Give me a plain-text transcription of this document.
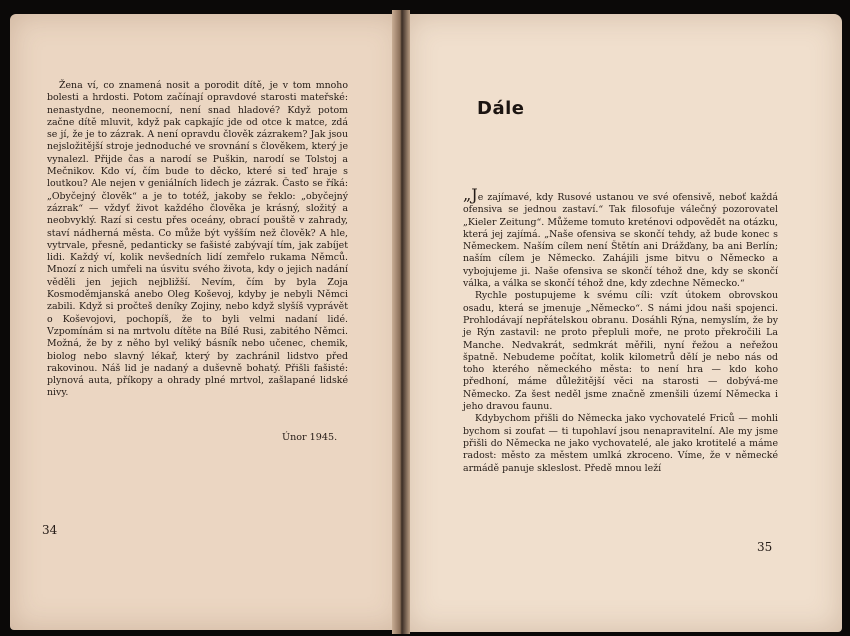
Žena ví, co znamená nosit a porodit dítě, je v tom mnoho bolesti a hrdosti. Potom začínají opravdové starosti mateřské: nenastydne, neonemocní, není snad hladové? Když potom začne dítě mluvit, když pak capkajíc jde od otce k matce, zdá se jí, že je to zázrak. A není opravdu člověk zázrakem? Jak jsou nejsložitější stroje jednoduché ve srovnání s člověkem, který je vynalezl. Přijde čas a narodí se Puškin, narodí se Tolstoj a Mečnikov. Kdo ví, čím bude to děcko, které si teď hraje s loutkou? Ale nejen v geniálních lidech je zázrak. Často se říká: „Obyčejný člověk“ a je to totéž, jakoby se řeklo: „obyčejný zázrak“ — vždyť život každého člověka je krásný, složitý a neobvyklý. Razí si cestu přes oceány, obrací pouště v zahrady, staví nádherná města. Co může být vyšším než člověk? A hle, vytrvale, přesně, pedanticky se fašisté zabývají tím, jak zabíjet lidi. Každý ví, kolik nevšedních lidí zemřelo rukama Němců. Mnozí z nich umřeli na úsvitu svého života, kdy o jejich nadání věděli jen jejich nejbližší. Nevím, čím by byla Zoja Kosmoděmjanská anebo Oleg Koševoj, kdyby je nebyli Němci zabili. Když si pročteš deníky Zojiny, nebo když slyšíš vyprávět o Koševojovi, pochopíš, že to byli velmi nadaní lidé. Vzpomínám si na mrtvolu dítěte na Bílé Rusi, zabitého Němci. Možná, že by z něho byl veliký básník nebo učenec, chemik, biolog nebo slavný lékař, který by zachránil lidstvo před rakovinou. Náš lid je nadaný a duševně bohatý. Přišli fašisté: plynová auta, příkopy a ohrady plné mrtvol, zašlapané lidské nivy.

Únor 1945.
34
Dále

„Je zajímavé, kdy Rusové ustanou ve své ofensivě, neboť každá ofensiva se jednou zastaví.“ Tak filosofuje válečný pozorovatel „Kieler Zeitung“. Můžeme tomuto kreténovi odpovědět na otázku, která jej zajímá. „Naše ofensiva se skončí tehdy, až bude konec s Německem. Naším cílem není Štětín ani Drážďany, ba ani Berlín; naším cílem je Německo. Zahájili jsme bitvu o Německo a vybojujeme ji. Naše ofensiva se skončí téhož dne, kdy se skončí válka, a válka se skončí téhož dne, kdy zdechne Německo.“

Rychle postupujeme k svému cíli: vzít útokem obrovskou osadu, která se jmenuje „Německo“. S námi jdou naši spojenci. Prohlodávají nepřátelskou obranu. Dosáhli Rýna, nemyslím, že by je Rýn zastavil: ne proto přepluli moře, ne proto překročili La Manche. Nedvakrát, sedmkrát měřili, nyní řežou a neřežou špatně. Nebudeme počítat, kolik kilometrů dělí je nebo nás od toho kterého německého města: to není hra — kdo koho předhoní, máme důležitější věci na starosti — dobývá-me Německo. Za šest neděl jsme značně zmenšili území Německa i jeho dravou faunu.

Kdybychom přišli do Německa jako vychovatelé Friců — mohli bychom si zoufat — ti tupohlaví jsou nenapravitelní. Ale my jsme přišli do Německa ne jako vychovatelé, ale jako krotitelé a máme radost: město za městem umlká zkroceno. Víme, že v německé armádě panuje skleslost. Předě mnou leží

35
